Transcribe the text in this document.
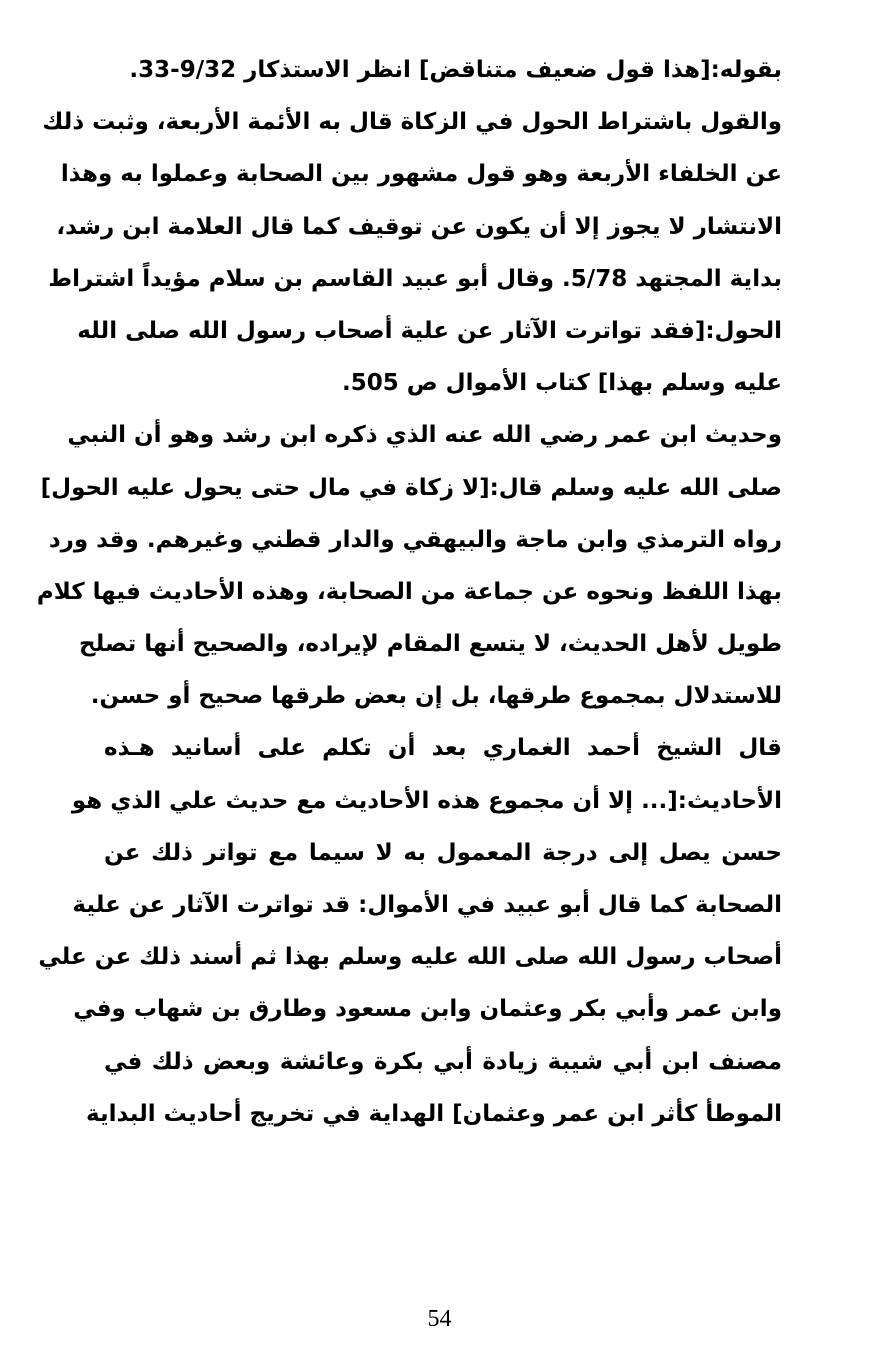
بقوله:[هذا قول ضعيف متناقض] انظر الاستذكار 9/32-33.
والقول باشتراط الحول في الزكاة قال به الأئمة الأربعة، وثبت ذلك
عن الخلفاء الأربعة وهو قول مشهور بين الصحابة وعملوا به وهذا
الانتشار لا يجوز إلا أن يكون عن توقيف كما قال العلامة ابن رشد،
بداية المجتهد 5/78. وقال أبو عبيد القاسم بن سلام مؤيداً اشتراط
الحول:[فقد تواترت الآثار عن علية أصحاب رسول الله صلى الله
عليه وسلم بهذا] كتاب الأموال ص 505.
وحديث ابن عمر رضي الله عنه الذي ذكره ابن رشد وهو أن النبي
صلى الله عليه وسلم قال:[لا زكاة في مال حتى يحول عليه الحول]
رواه الترمذي وابن ماجة والبيهقي والدار قطني وغيرهم. وقد ورد
بهذا اللفظ ونحوه عن جماعة من الصحابة، وهذه الأحاديث فيها كلام
طويل لأهل الحديث، لا يتسع المقام لإيراده، والصحيح أنها تصلح
للاستدلال بمجموع طرقها، بل إن بعض طرقها صحيح أو حسن.
قال الشيخ أحمد الغماري بعد أن تكلم على أسانيد هـذه
الأحاديث:[... إلا أن مجموع هذه الأحاديث مع حديث علي الذي هو
حسن يصل إلى درجة المعمول به لا سيما مع تواتر ذلك عن
الصحابة كما قال أبو عبيد في الأموال: قد تواترت الآثار عن علية
أصحاب رسول الله صلى الله عليه وسلم بهذا ثم أسند ذلك عن علي
وابن عمر وأبي بكر وعثمان وابن مسعود وطارق بن شهاب وفي
مصنف ابن أبي شيبة زيادة أبي بكرة وعائشة وبعض ذلك في
الموطأ كأثر ابن عمر وعثمان] الهداية في تخريج أحاديث البداية
54
